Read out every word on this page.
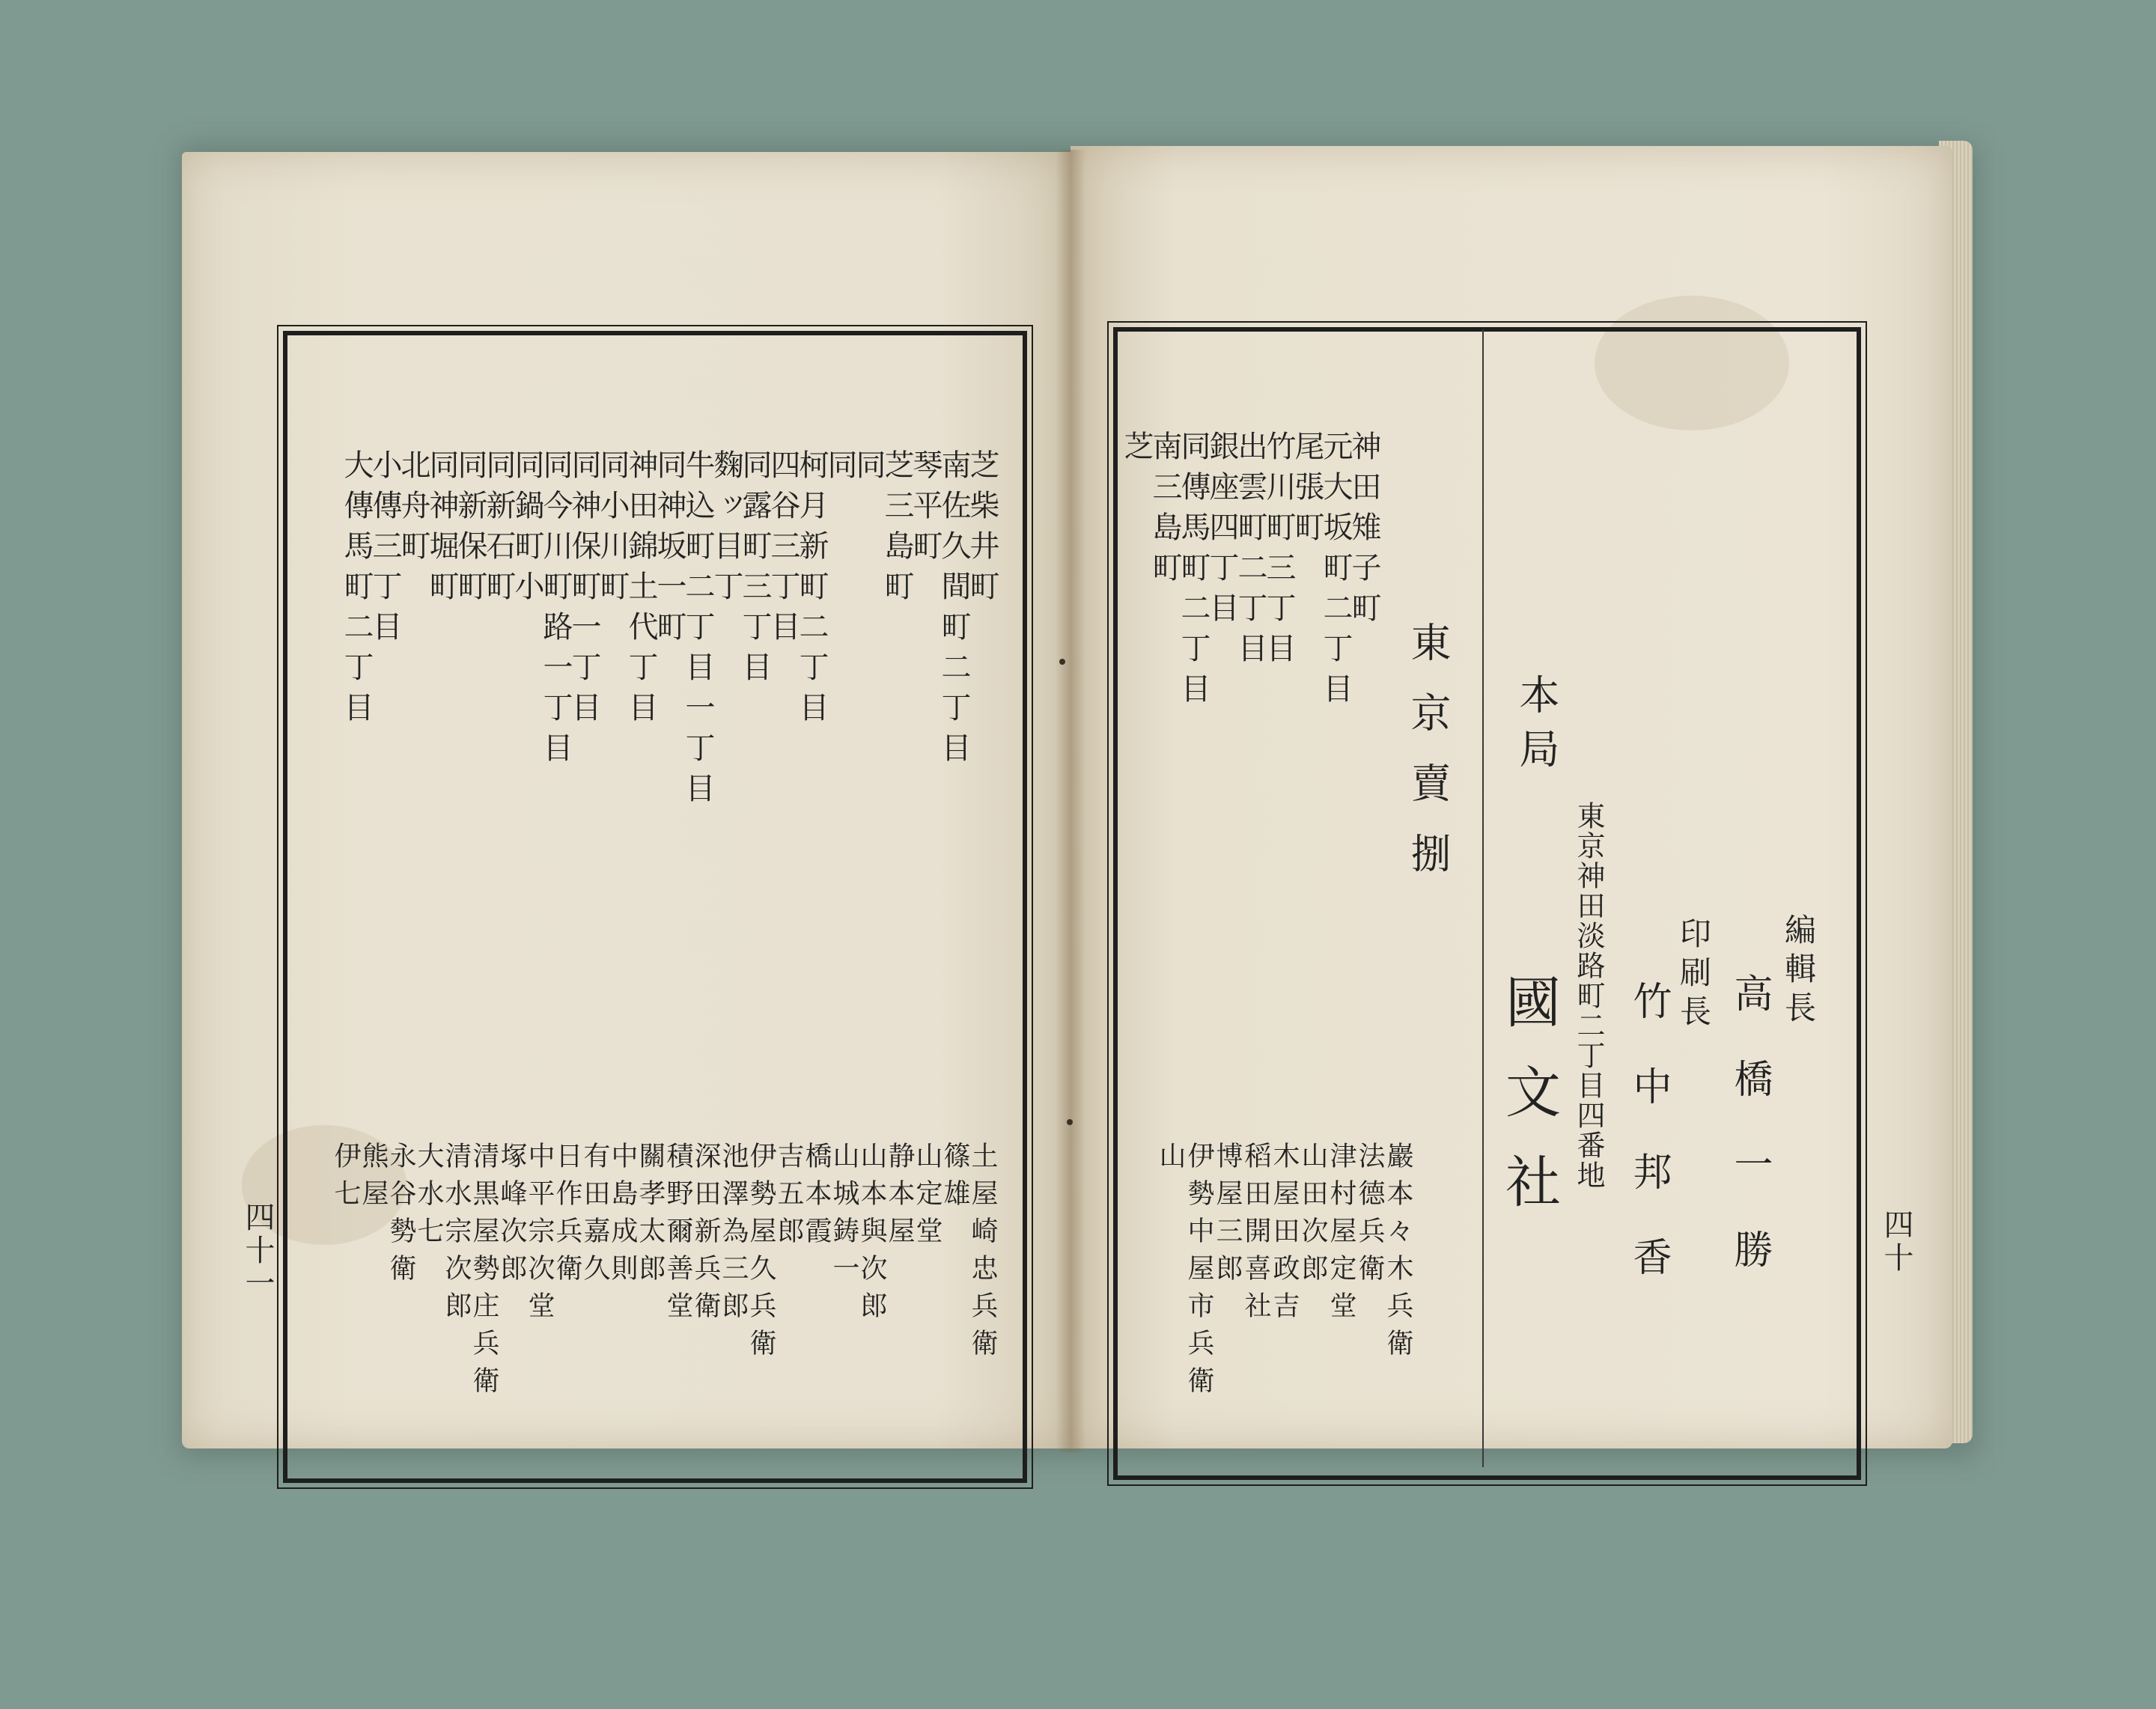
芝柴井町
南佐久間町二丁目
琴平町
芝三島町
同
同
柯月新町二丁目
四谷三丁目
同露町三丁目
麴ッ目丁
牛込町二丁目一丁目
同神坂一町
神田錦土代丁目
同小川町
同神保町一丁目
同今川町路一丁目
同鍋町小
同新石町
同新保町
同神堀町
北舟町
小傳三丁目
大傳馬町二丁目
土屋崎忠兵衛
篠雄
山定堂
静本屋
山本與次郎
山城鋳一
橋本霞
吉五郎
伊勢屋久兵衛
池澤為三郎
深田新兵衛
積野爾善堂
關孝太郎
中島成則
有田嘉久
日作兵衛
中平宗次堂
塚峰次郎
清黒屋勢庄兵衛
清水宗次郎
大水七
永谷勢衛
熊屋
伊七
四十一
神田雉子町
元大坂町二丁目
尾張町
竹川町三丁目
出雲町二丁目
銀座四丁目
同傳馬町二丁目
南三島町
芝
巖本々木兵衛
法德兵衛
津村屋定堂
山田次郎
木屋田政吉
稻田開喜社
博屋三郎
伊勢中屋市兵衛
山
東京賣捌
編輯長
高橋一勝
印刷長
竹中邦香
本局
東京神田淡路町二丁目四番地
國文社	四十
